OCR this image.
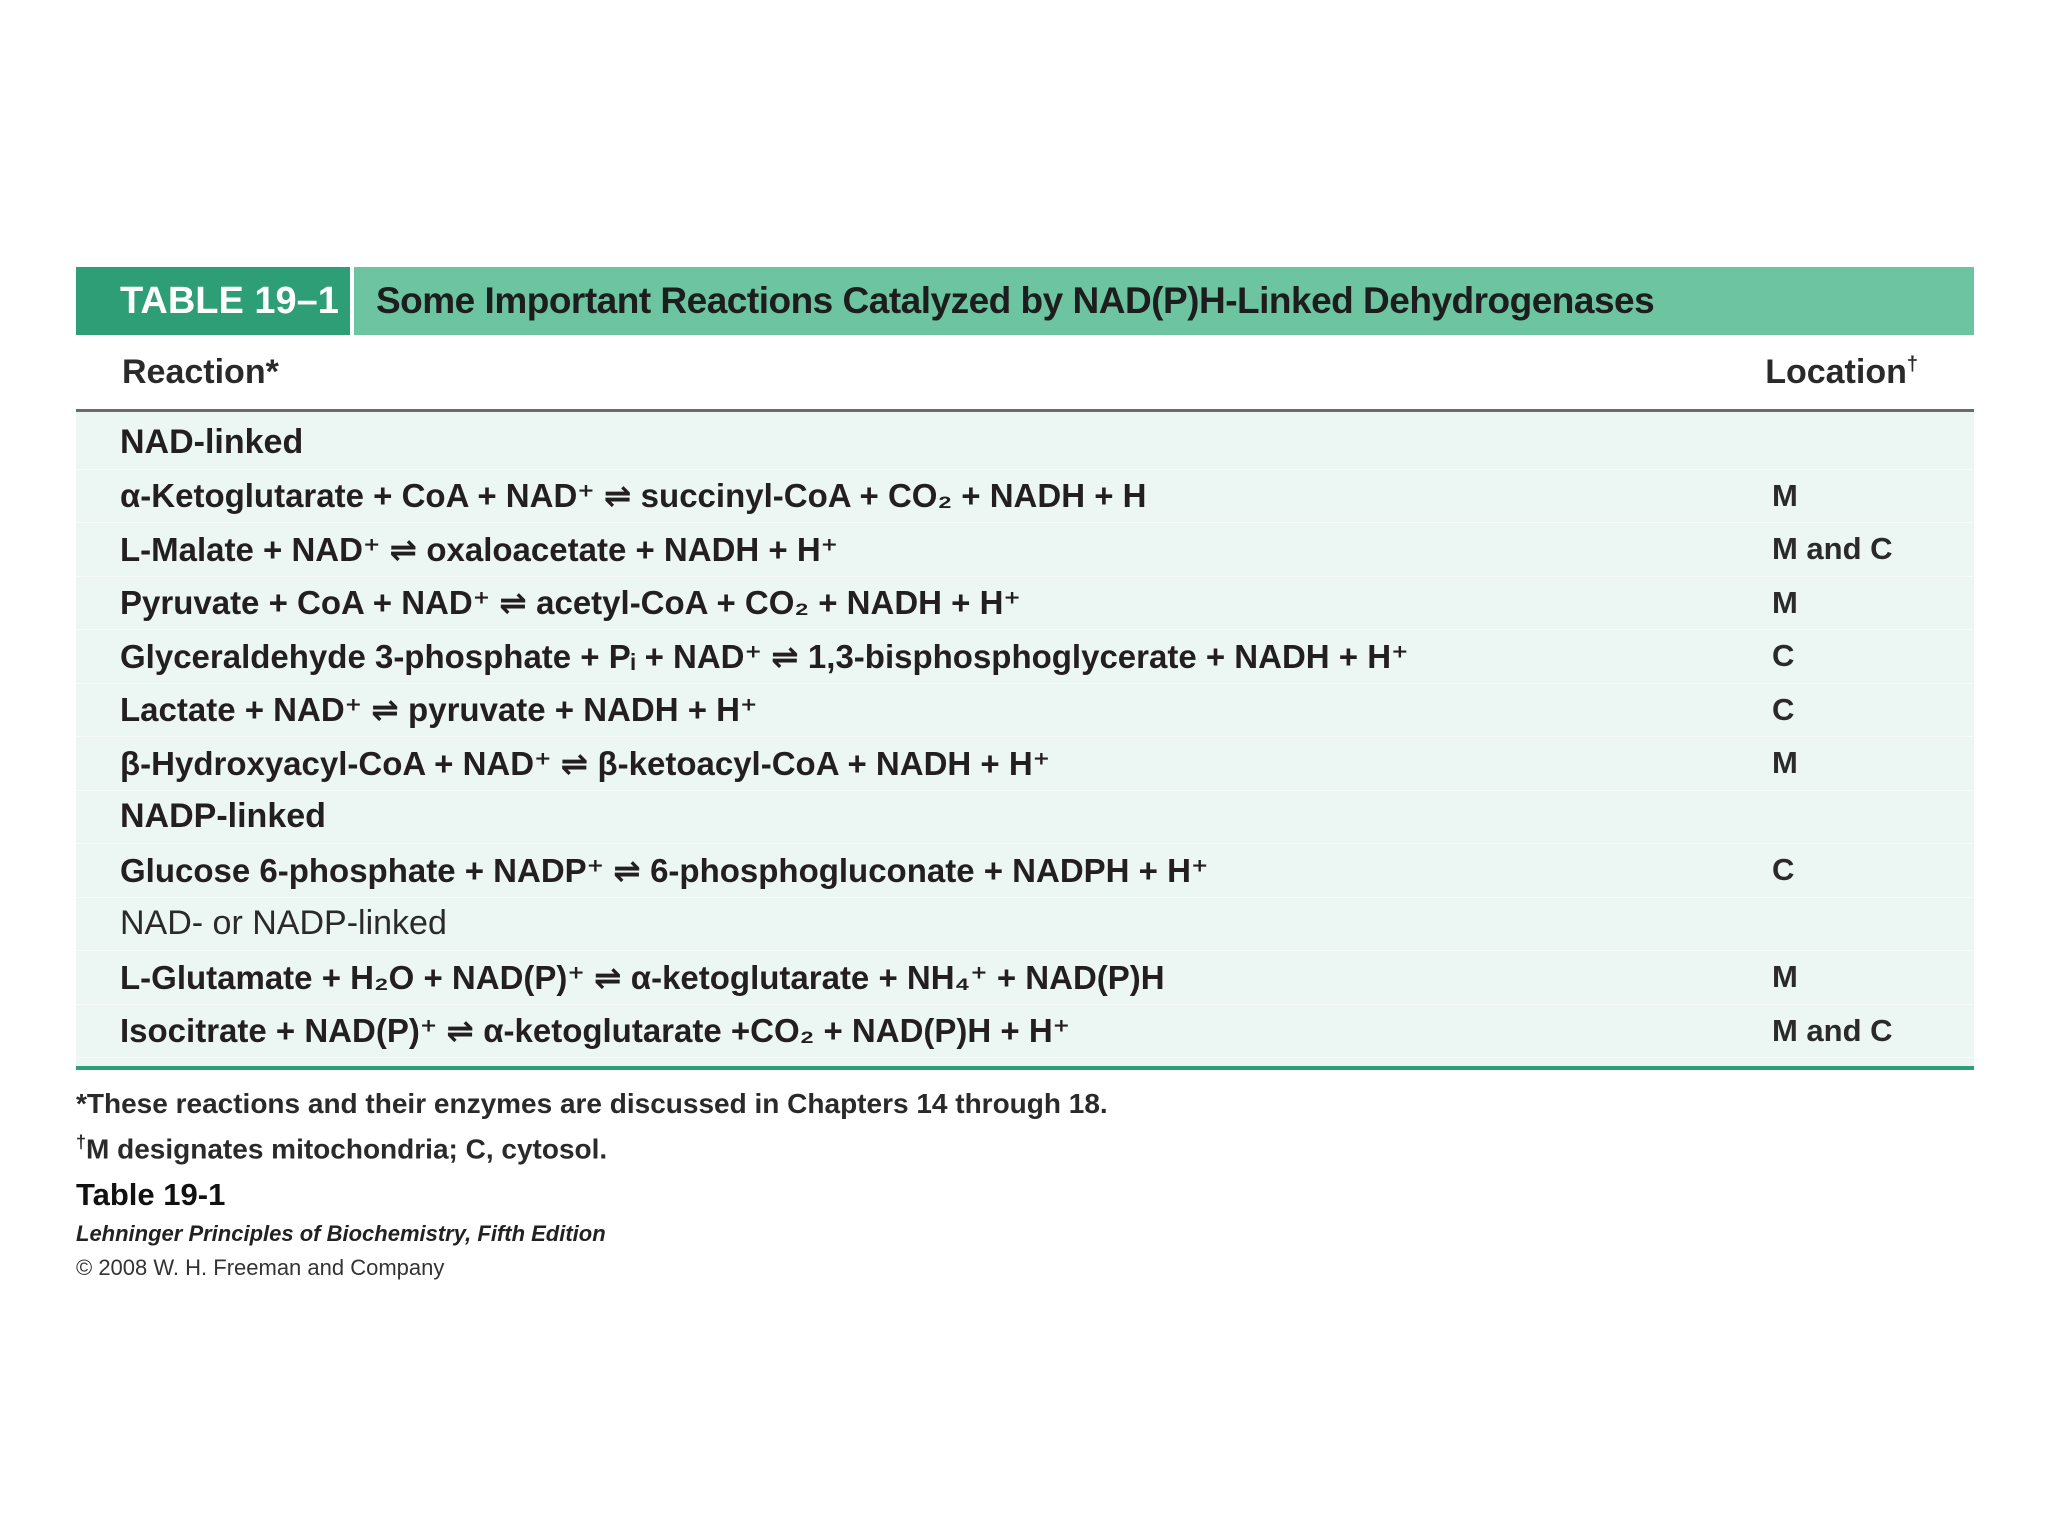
TABLE 19–1	Some Important Reactions Catalyzed by NAD(P)H-Linked Dehydrogenases
Reaction*	Location†
NAD-linked
α-Ketoglutarate + CoA + NAD⁺ ⇌ succinyl-CoA + CO₂ + NADH + H	M
L-Malate + NAD⁺ ⇌ oxaloacetate + NADH + H⁺	M and C
Pyruvate + CoA + NAD⁺ ⇌ acetyl-CoA + CO₂ + NADH + H⁺	M
Glyceraldehyde 3-phosphate + Pᵢ + NAD⁺ ⇌ 1,3-bisphosphoglycerate + NADH + H⁺	C
Lactate + NAD⁺ ⇌ pyruvate + NADH + H⁺	C
β-Hydroxyacyl-CoA + NAD⁺ ⇌ β-ketoacyl-CoA + NADH + H⁺	M
NADP-linked
Glucose 6-phosphate + NADP⁺ ⇌ 6-phosphogluconate + NADPH + H⁺	C
NAD- or NADP-linked
L-Glutamate + H₂O + NAD(P)⁺ ⇌ α-ketoglutarate + NH₄⁺ + NAD(P)H	M
Isocitrate + NAD(P)⁺ ⇌ α-ketoglutarate +CO₂ + NAD(P)H + H⁺	M and C
*These reactions and their enzymes are discussed in Chapters 14 through 18.
†M designates mitochondria; C, cytosol.
Table 19-1
Lehninger Principles of Biochemistry, Fifth Edition
© 2008 W. H. Freeman and Company
